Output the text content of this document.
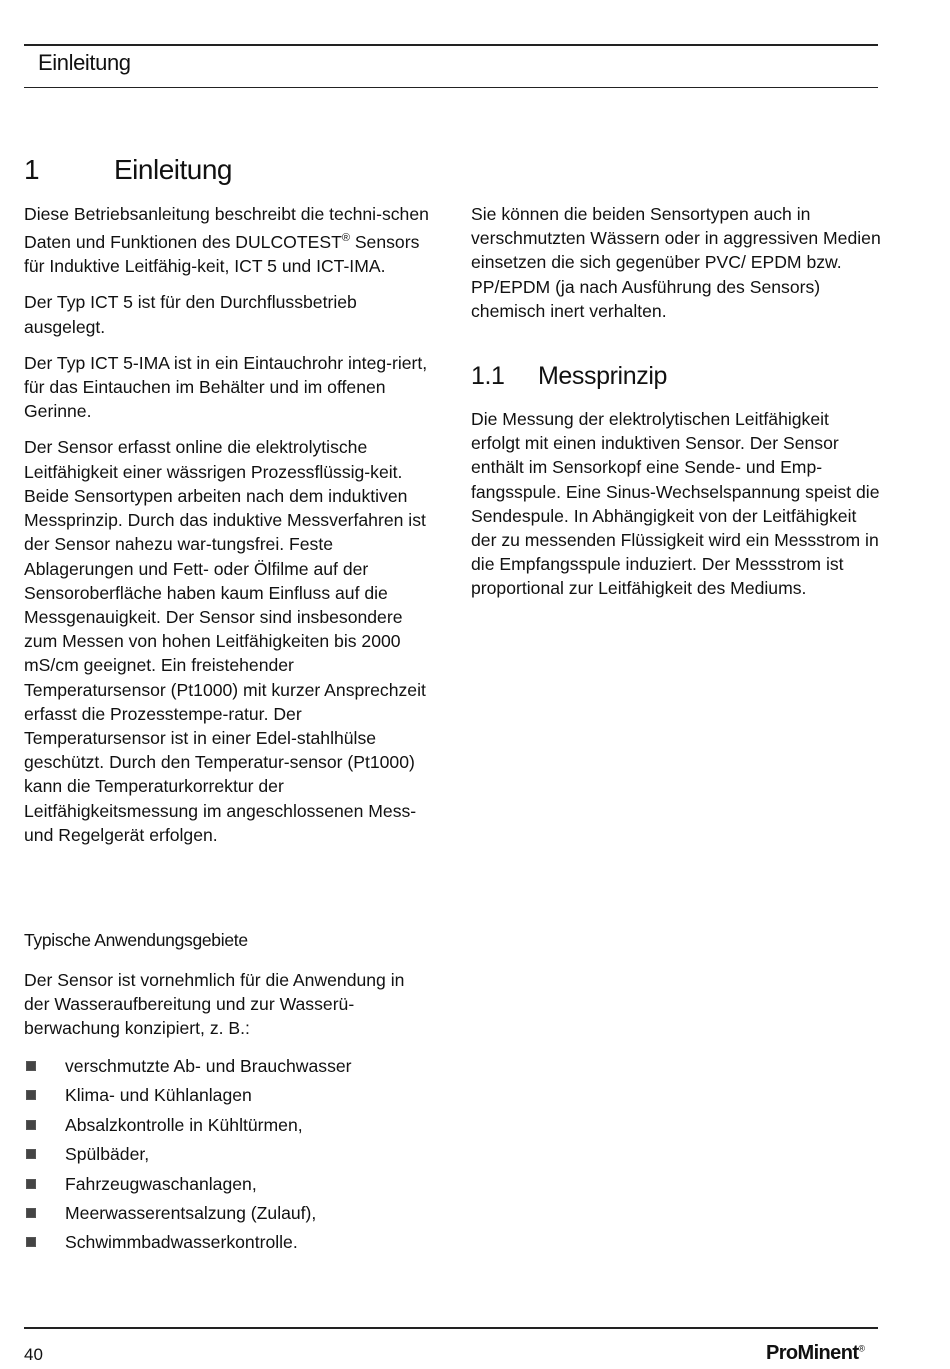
Einleitung
1	Einleitung

Diese Betriebsanleitung beschreibt die techni-schen Daten und Funktionen des DULCOTEST® Sensors für Induktive Leitfähig-keit, ICT 5 und ICT-IMA.

Der Typ ICT 5 ist für den Durchflussbetrieb ausgelegt.

Der Typ ICT 5-IMA ist in ein Eintauchrohr integ-riert, für das Eintauchen im Behälter und im offenen Gerinne.

Der Sensor erfasst online die elektrolytische Leitfähigkeit einer wässrigen Prozessflüssig-keit. Beide Sensortypen arbeiten nach dem induktiven Messprinzip. Durch das induktive Messverfahren ist der Sensor nahezu war-tungsfrei. Feste Ablagerungen und Fett- oder Ölfilme auf der Sensoroberfläche haben kaum Einfluss auf die Messgenauigkeit. Der Sensor sind insbesondere zum Messen von hohen Leitfähigkeiten bis 2000 mS/cm geeignet. Ein freistehender Temperatursensor (Pt1000) mit kurzer Ansprechzeit erfasst die Prozesstempe-ratur. Der Temperatursensor ist in einer Edel-stahlhülse geschützt. Durch den Temperatur-sensor (Pt1000) kann die Temperaturkorrektur der Leitfähigkeitsmessung im angeschlossenen Mess- und Regelgerät erfolgen.

Sie können die beiden Sensortypen auch in verschmutzten Wässern oder in aggressiven Medien einsetzen die sich gegenüber PVC/ EPDM bzw. PP/EPDM (ja nach Ausführung des Sensors) chemisch inert verhalten.

1.1 Messprinzip

Die Messung der elektrolytischen Leitfähigkeit erfolgt mit einen induktiven Sensor. Der Sensor enthält im Sensorkopf eine Sende- und Emp-fangsspule. Eine Sinus-Wechselspannung speist die Sendespule. In Abhängigkeit von der Leitfähigkeit der zu messenden Flüssigkeit wird ein Messstrom in die Empfangsspule induziert. Der Messstrom ist proportional zur Leitfähigkeit des Mediums.

Typische Anwendungsgebiete

Der Sensor ist vornehmlich für die Anwendung in der Wasseraufbereitung und zur Wasserü-berwachung konzipiert, z. B.:

verschmutzte Ab- und Brauchwasser
Klima- und Kühlanlagen
Absalzkontrolle in Kühltürmen,
Spülbäder,
Fahrzeugwaschanlagen,
Meerwasserentsalzung (Zulauf),
Schwimmbadwasserkontrolle.
40	ProMinent®
